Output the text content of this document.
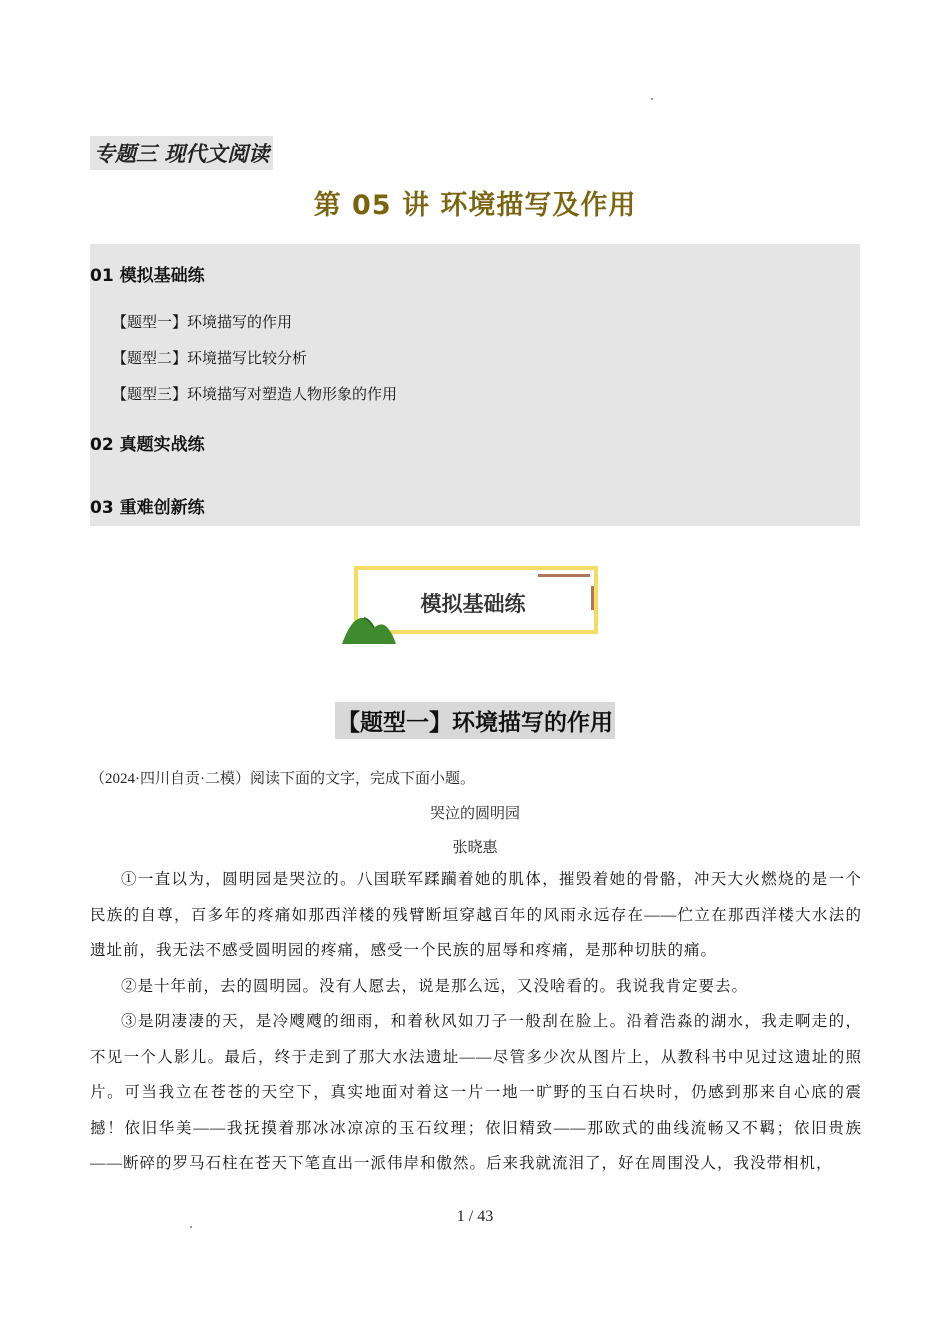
专题三 现代文阅读
第 05 讲 环境描写及作用
01 模拟基础练
【题型一】环境描写的作用
【题型二】环境描写比较分析
【题型三】环境描写对塑造人物形象的作用
02 真题实战练
03 重难创新练
模拟基础练
【题型一】环境描写的作用
（2024·四川自贡·二模）阅读下面的文字，完成下面小题。
哭泣的圆明园
张晓惠

①一直以为，圆明园是哭泣的。八国联军蹂躏着她的肌体，摧毁着她的骨骼，冲天大火燃烧的是一个民族的自尊，百多年的疼痛如那西洋楼的残臂断垣穿越百年的风雨永远存在——伫立在那西洋楼大水法的遗址前，我无法不感受圆明园的疼痛，感受一个民族的屈辱和疼痛，是那种切肤的痛。

②是十年前，去的圆明园。没有人愿去，说是那么远，又没啥看的。我说我肯定要去。

③是阴凄凄的天，是冷飕飕的细雨，和着秋风如刀子一般刮在脸上。沿着浩淼的湖水，我走啊走的，不见一个人影儿。最后，终于走到了那大水法遗址——尽管多少次从图片上，从教科书中见过这遗址的照片。可当我立在苍苍的天空下，真实地面对着这一片一地一旷野的玉白石块时，仍感到那来自心底的震撼！依旧华美——我抚摸着那冰冰凉凉的玉石纹理；依旧精致——那欧式的曲线流畅又不羁；依旧贵族——断碎的罗马石柱在苍天下笔直出一派伟岸和傲然。后来我就流泪了，好在周围没人，我没带相机，

1 / 43
